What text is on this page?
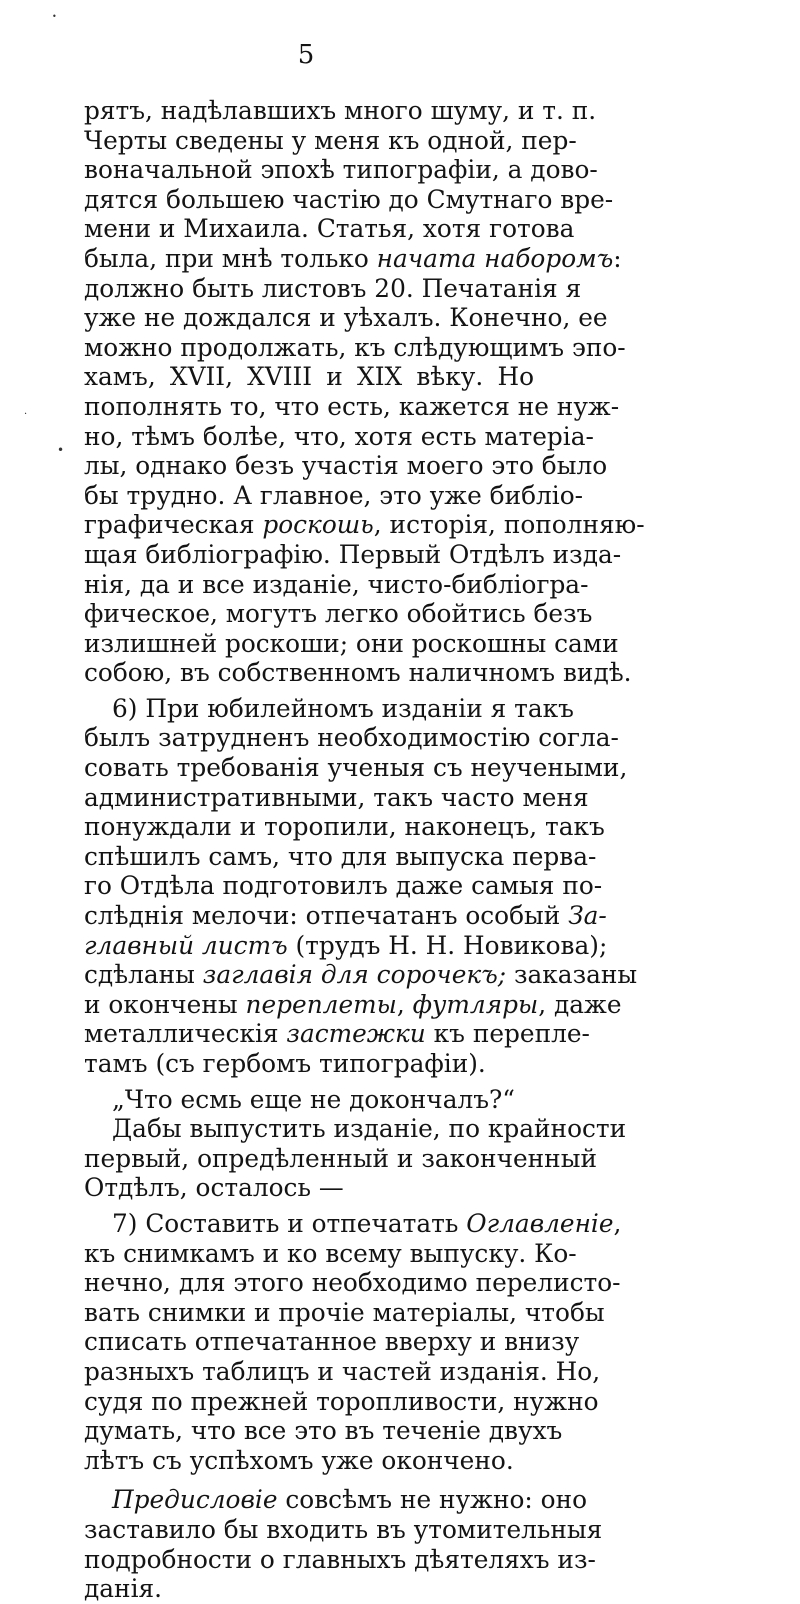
5
рятъ, надѣлавшихъ много шуму, и т. п.
Черты сведены у меня къ одной, пер-
воначальной эпохѣ типографіи, а дово-
дятся большею частію до Смутнаго вре-
мени и Михаила. Статья, хотя готова
была, при мнѣ только начата наборомъ:
должно быть листовъ 20. Печатанія я
уже не дождался и уѣхалъ. Конечно, ее
можно продолжать, къ слѣдующимъ эпо-
хамъ, XVII, XVIII и XIX вѣку. Но
пополнять то, что есть, кажется не нуж-
но, тѣмъ болѣе, что, хотя есть матеріа-
лы, однако безъ участія моего это было
бы трудно. А главное, это уже библіо-
графическая роскошь, исторія, пополняю-
щая библіографію. Первый Отдѣлъ изда-
нія, да и все изданіе, чисто-библіогра-
фическое, могутъ легко обойтись безъ
излишней роскоши; они роскошны сами
собою, въ собственномъ наличномъ видѣ.
6) При юбилейномъ изданіи я такъ
былъ затрудненъ необходимостію согла-
совать требованія ученыя съ неучеными,
административными, такъ часто меня
понуждали и торопили, наконецъ, такъ
спѣшилъ самъ, что для выпуска перва-
го Отдѣла подготовилъ даже самыя по-
слѣднія мелочи: отпечатанъ особый За-
главный листъ (трудъ Н. Н. Новикова);
сдѣланы заглавія для сорочекъ; заказаны
и окончены переплеты, футляры, даже
металлическія застежки къ перепле-
тамъ (съ гербомъ типографіи).
„Что есмь еще не докончалъ?“
Дабы выпустить изданіе, по крайности
первый, опредѣленный и законченный
Отдѣлъ, осталось —
7) Составить и отпечатать Оглавленіе,
къ снимкамъ и ко всему выпуску. Ко-
нечно, для этого необходимо перелисто-
вать снимки и прочіе матеріалы, чтобы
списать отпечатанное вверху и внизу
разныхъ таблицъ и частей изданія. Но,
судя по прежней торопливости, нужно
думать, что все это въ теченіе двухъ
лѣтъ съ успѣхомъ уже окончено.
Предисловіе совсѣмъ не нужно: оно
заставило бы входить въ утомительныя
подробности о главныхъ дѣятеляхъ из-
данія.
•
·
•
